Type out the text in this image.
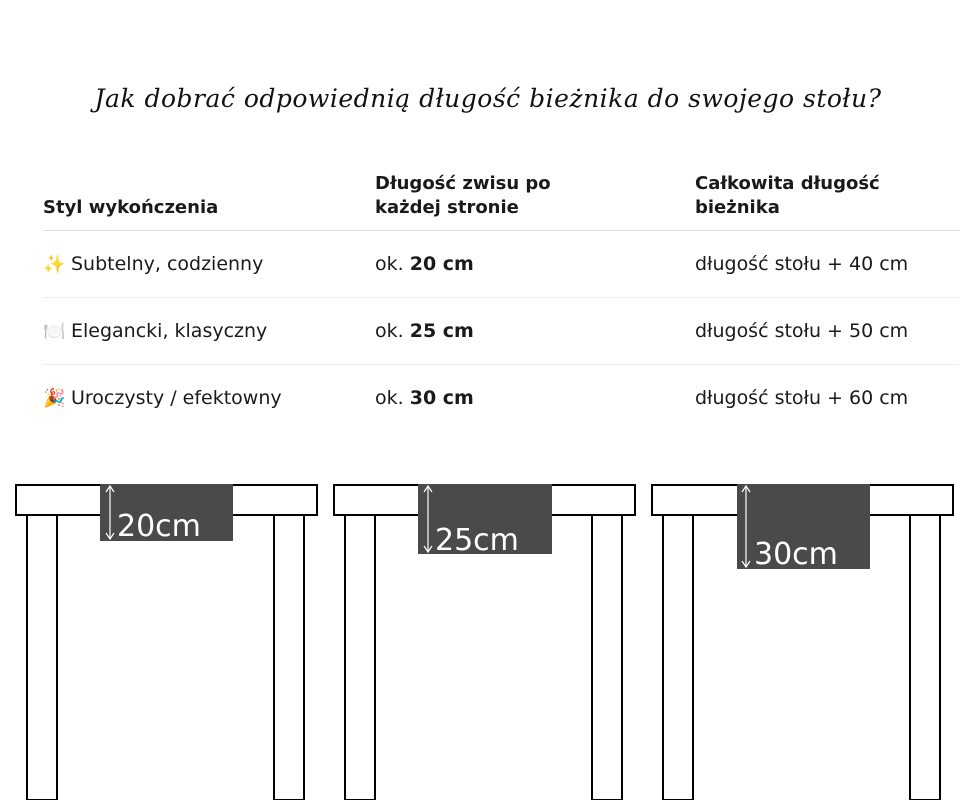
Jak dobrać odpowiednią długość bieżnika do swojego stołu?
Styl wykończenia	Długość zwisu po każdej stronie	Całkowita długość bieżnika
✨ Subtelny, codzienny	ok. 20 cm	długość stołu + 40 cm
🍽️ Elegancki, klasyczny	ok. 25 cm	długość stołu + 50 cm
🎉 Uroczysty / efektowny	ok. 30 cm	długość stołu + 60 cm
20cm	25cm	30cm
